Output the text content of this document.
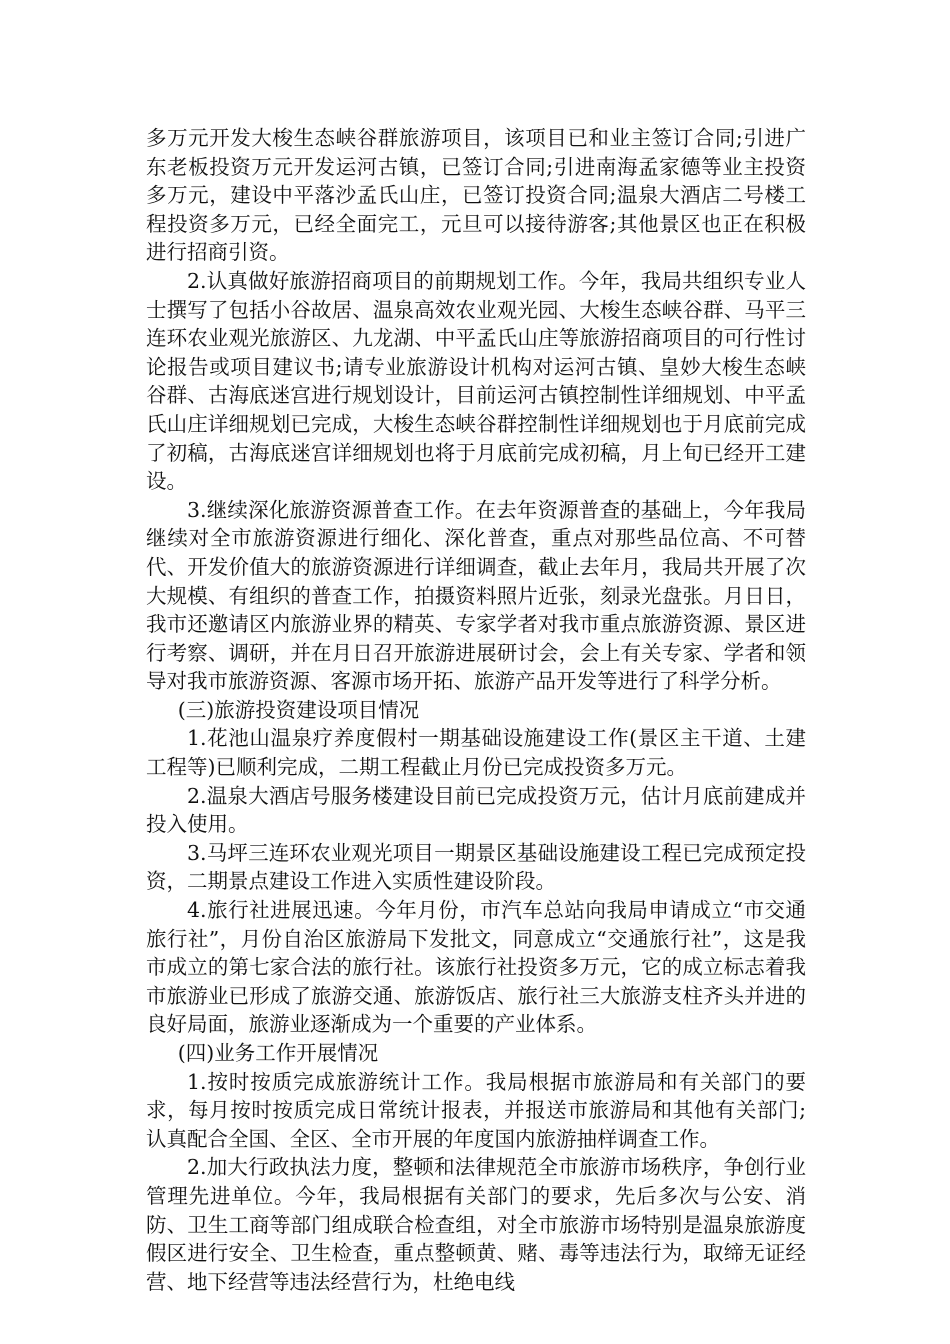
多万元开发大梭生态峡谷群旅游项目，该项目已和业主签订合同;引进广东老板投资万元开发运河古镇，已签订合同;引进南海孟家德等业主投资多万元，建设中平落沙孟氏山庄，已签订投资合同;温泉大酒店二号楼工程投资多万元，已经全面完工，元旦可以接待游客;其他景区也正在积极进行招商引资。

2.认真做好旅游招商项目的前期规划工作。今年，我局共组织专业人士撰写了包括小谷故居、温泉高效农业观光园、大梭生态峡谷群、马平三连环农业观光旅游区、九龙湖、中平孟氏山庄等旅游招商项目的可行性讨论报告或项目建议书;请专业旅游设计机构对运河古镇、皇妙大梭生态峡谷群、古海底迷宫进行规划设计，目前运河古镇控制性详细规划、中平孟氏山庄详细规划已完成，大梭生态峡谷群控制性详细规划也于月底前完成了初稿，古海底迷宫详细规划也将于月底前完成初稿，月上旬已经开工建设。

3.继续深化旅游资源普查工作。在去年资源普查的基础上，今年我局继续对全市旅游资源进行细化、深化普查，重点对那些品位高、不可替代、开发价值大的旅游资源进行详细调查，截止去年月，我局共开展了次大规模、有组织的普查工作，拍摄资料照片近张，刻录光盘张。月日日，我市还邀请区内旅游业界的精英、专家学者对我市重点旅游资源、景区进行考察、调研，并在月日召开旅游进展研讨会，会上有关专家、学者和领导对我市旅游资源、客源市场开拓、旅游产品开发等进行了科学分析。

(三)旅游投资建设项目情况

1.花池山温泉疗养度假村一期基础设施建设工作(景区主干道、土建工程等)已顺利完成，二期工程截止月份已完成投资多万元。

2.温泉大酒店号服务楼建设目前已完成投资万元，估计月底前建成并投入使用。

3.马坪三连环农业观光项目一期景区基础设施建设工程已完成预定投资，二期景点建设工作进入实质性建设阶段。

4.旅行社进展迅速。今年月份，市汽车总站向我局申请成立“市交通旅行社”，月份自治区旅游局下发批文，同意成立“交通旅行社”，这是我市成立的第七家合法的旅行社。该旅行社投资多万元，它的成立标志着我市旅游业已形成了旅游交通、旅游饭店、旅行社三大旅游支柱齐头并进的良好局面，旅游业逐渐成为一个重要的产业体系。

(四)业务工作开展情况

1.按时按质完成旅游统计工作。我局根据市旅游局和有关部门的要求，每月按时按质完成日常统计报表，并报送市旅游局和其他有关部门;认真配合全国、全区、全市开展的年度国内旅游抽样调查工作。

2.加大行政执法力度，整顿和法律规范全市旅游市场秩序，争创行业管理先进单位。今年，我局根据有关部门的要求，先后多次与公安、消防、卫生工商等部门组成联合检查组，对全市旅游市场特别是温泉旅游度假区进行安全、卫生检查，重点整顿黄、赌、毒等违法行为，取缔无证经营、地下经营等违法经营行为，杜绝电线
